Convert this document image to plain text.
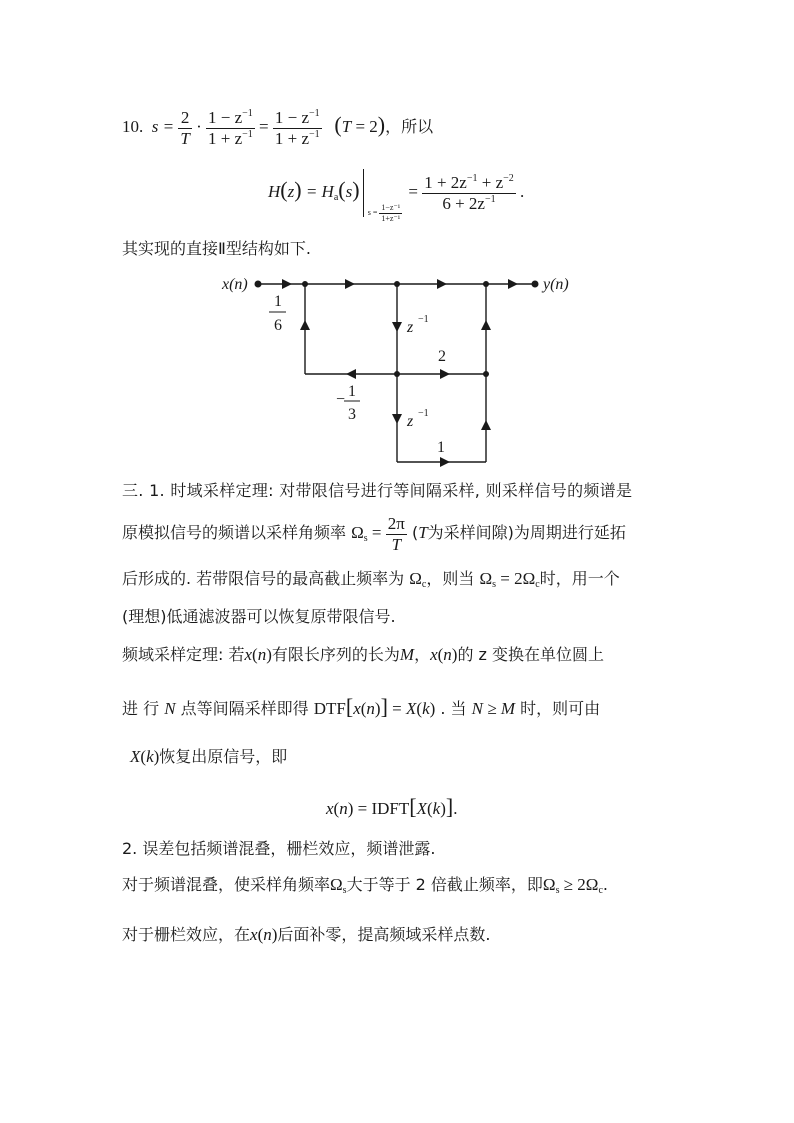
10. $s = \frac{2}{T} \cdot \frac{1 - z^{-1}}{1 + z^{-1}} = \frac{1 - z^{-1}}{1 + z^{-1}} (T = 2)$，所以
$H(z) = H_a(s)$ $_{s = \frac{\text{1−z⁻¹}}{\text{1+z⁻¹}}}$
= $\frac{1 + 2z^{-1} + z^{-2}}{6 + 2z^{-1}}$ .
其实现的直接Ⅱ型结构如下.
x(n)	y(n)
1
6	z −1
2
− 1
3	z −1
1
三. 1. 时域采样定理: 对带限信号进行等间隔采样, 则采样信号的频谱是
原模拟信号的频谱以采样角频率 $\Omega_s = \frac{2\pi}{T} (T$为采样间隙)为周期进行延拓
后形成的. 若带限信号的最高截止频率为 $\Omega_c$，则当 $\Omega_s = 2\Omega_c$时，用一个
(理想)低通滤波器可以恢复原带限信号.
频域采样定理: 若x(n)有限长序列的长为M，x(n)的 z 变换在单位圆上
进 行 N 点等间隔采样即得 DTF[x(n)] = X(k) . 当 N ≥ M 时，则可由
X(k)恢复出原信号，即
x(n) = IDFT[X(k)].
2. 误差包括频谱混叠，栅栏效应，频谱泄露.
对于频谱混叠，使采样角频率$\Omega_s$大于等于 2 倍截止频率，即$\Omega_s \ge 2\Omega_c$.
对于栅栏效应，在x(n)后面补零，提高频域采样点数.
